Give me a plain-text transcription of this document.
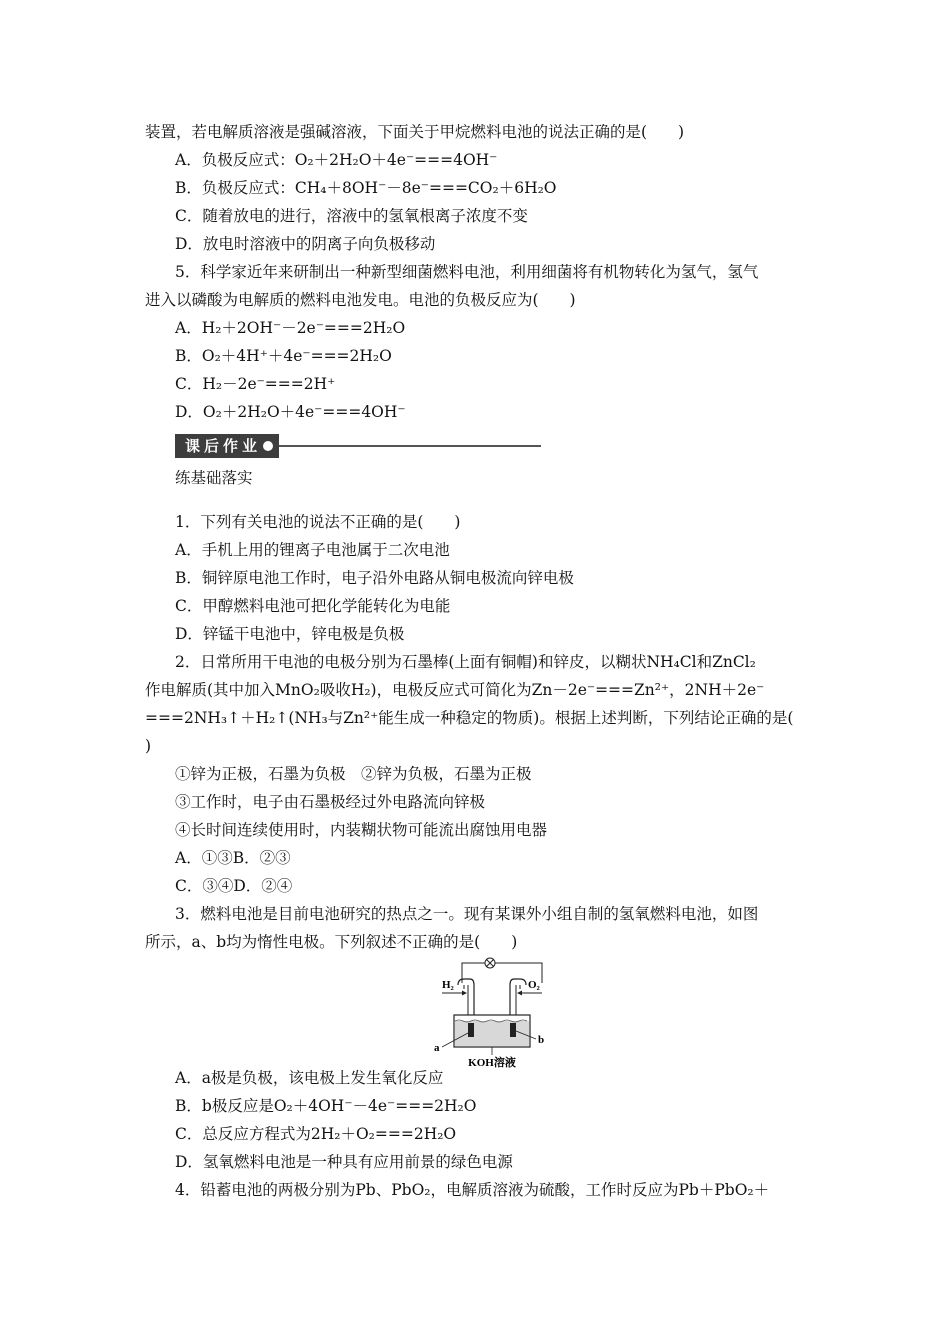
装置，若电解质溶液是强碱溶液，下面关于甲烷燃料电池的说法正确的是(　　)
A．负极反应式：O₂＋2H₂O＋4e⁻===4OH⁻
B．负极反应式：CH₄＋8OH⁻－8e⁻===CO₂＋6H₂O
C．随着放电的进行，溶液中的氢氧根离子浓度不变
D．放电时溶液中的阴离子向负极移动
5．科学家近年来研制出一种新型细菌燃料电池，利用细菌将有机物转化为氢气，氢气
进入以磷酸为电解质的燃料电池发电。电池的负极反应为(　　)
A．H₂＋2OH⁻－2e⁻===2H₂O
B．O₂＋4H⁺＋4e⁻===2H₂O
C．H₂－2e⁻===2H⁺
D．O₂＋2H₂O＋4e⁻===4OH⁻
课后作业
练基础落实
1．下列有关电池的说法不正确的是(　　)
A．手机上用的锂离子电池属于二次电池
B．铜锌原电池工作时，电子沿外电路从铜电极流向锌电极
C．甲醇燃料电池可把化学能转化为电能
D．锌锰干电池中，锌电极是负极
2．日常所用干电池的电极分别为石墨棒(上面有铜帽)和锌皮，以糊状NH₄Cl和ZnCl₂
作电解质(其中加入MnO₂吸收H₂)，电极反应式可简化为Zn－2e⁻===Zn²⁺，2NH＋2e⁻
===2NH₃↑＋H₂↑(NH₃与Zn²⁺能生成一种稳定的物质)。根据上述判断，下列结论正确的是(
)
①锌为正极，石墨为负极　②锌为负极，石墨为正极
③工作时，电子由石墨极经过外电路流向锌极
④长时间连续使用时，内装糊状物可能流出腐蚀用电器
A．①③B．②③
C．③④D．②④
3．燃料电池是目前电池研究的热点之一。现有某课外小组自制的氢氧燃料电池，如图
所示，a、b均为惰性电极。下列叙述不正确的是(　　)
H₂	O₂
a
b
KOH溶液
A．a极是负极，该电极上发生氧化反应
B．b极反应是O₂＋4OH⁻－4e⁻===2H₂O
C．总反应方程式为2H₂＋O₂===2H₂O
D．氢氧燃料电池是一种具有应用前景的绿色电源
4．铅蓄电池的两极分别为Pb、PbO₂，电解质溶液为硫酸，工作时反应为Pb＋PbO₂＋
